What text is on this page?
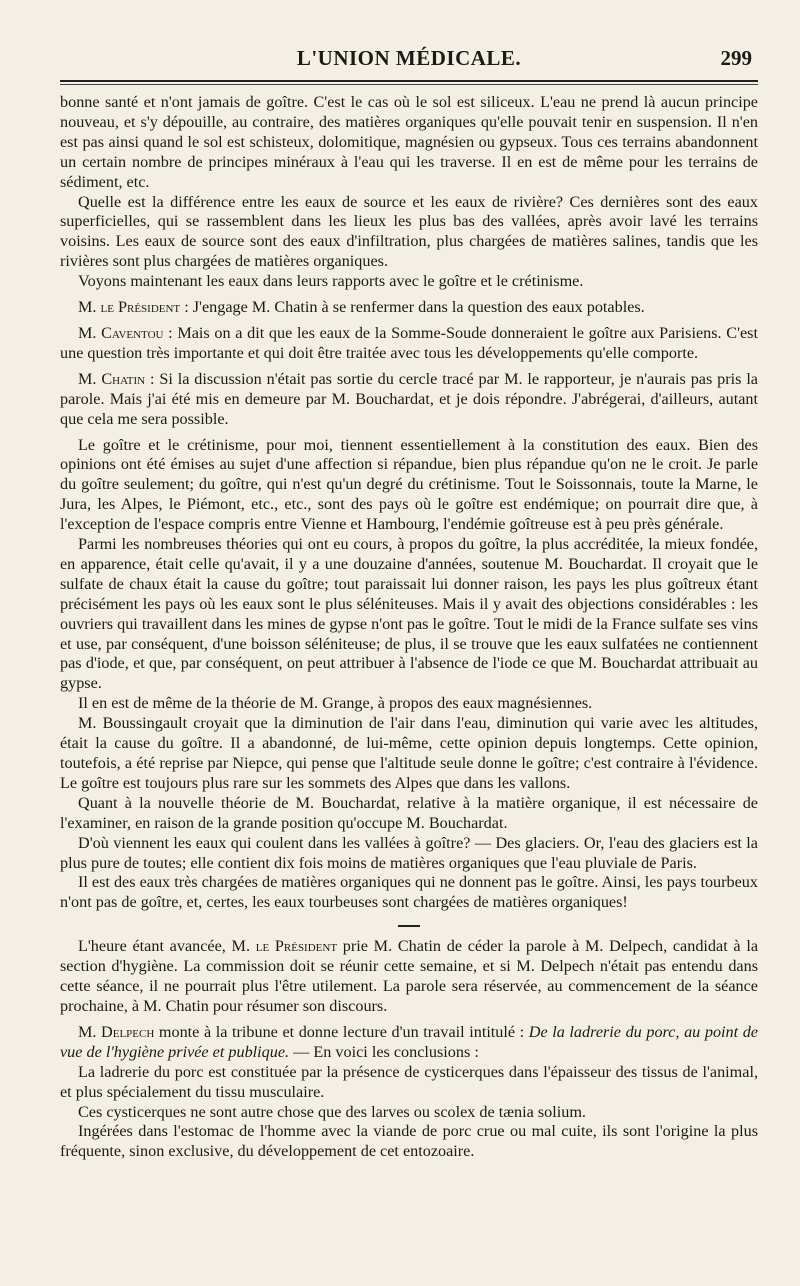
L'UNION MÉDICALE.	299

bonne santé et n'ont jamais de goître. C'est le cas où le sol est siliceux. L'eau ne prend là aucun principe nouveau, et s'y dépouille, au contraire, des matières organiques qu'elle pouvait tenir en suspension. Il n'en est pas ainsi quand le sol est schisteux, dolomitique, magnésien ou gypseux. Tous ces terrains abandonnent un certain nombre de principes minéraux à l'eau qui les traverse. Il en est de même pour les terrains de sédiment, etc.

Quelle est la différence entre les eaux de source et les eaux de rivière? Ces dernières sont des eaux superficielles, qui se rassemblent dans les lieux les plus bas des vallées, après avoir lavé les terrains voisins. Les eaux de source sont des eaux d'infiltration, plus chargées de matières salines, tandis que les rivières sont plus chargées de matières organiques.

Voyons maintenant les eaux dans leurs rapports avec le goître et le crétinisme.

M. le Président : J'engage M. Chatin à se renfermer dans la question des eaux potables.

M. Caventou : Mais on a dit que les eaux de la Somme-Soude donneraient le goître aux Parisiens. C'est une question très importante et qui doit être traitée avec tous les développements qu'elle comporte.

M. Chatin : Si la discussion n'était pas sortie du cercle tracé par M. le rapporteur, je n'aurais pas pris la parole. Mais j'ai été mis en demeure par M. Bouchardat, et je dois répondre. J'abrégerai, d'ailleurs, autant que cela me sera possible.

Le goître et le crétinisme, pour moi, tiennent essentiellement à la constitution des eaux. Bien des opinions ont été émises au sujet d'une affection si répandue, bien plus répandue qu'on ne le croit. Je parle du goître seulement; du goître, qui n'est qu'un degré du crétinisme. Tout le Soissonnais, toute la Marne, le Jura, les Alpes, le Piémont, etc., etc., sont des pays où le goître est endémique; on pourrait dire que, à l'exception de l'espace compris entre Vienne et Hambourg, l'endémie goîtreuse est à peu près générale.

Parmi les nombreuses théories qui ont eu cours, à propos du goître, la plus accréditée, la mieux fondée, en apparence, était celle qu'avait, il y a une douzaine d'années, soutenue M. Bouchardat. Il croyait que le sulfate de chaux était la cause du goître; tout paraissait lui donner raison, les pays les plus goîtreux étant précisément les pays où les eaux sont le plus séléniteuses. Mais il y avait des objections considérables : les ouvriers qui travaillent dans les mines de gypse n'ont pas le goître. Tout le midi de la France sulfate ses vins et use, par conséquent, d'une boisson séléniteuse; de plus, il se trouve que les eaux sulfatées ne contiennent pas d'iode, et que, par conséquent, on peut attribuer à l'absence de l'iode ce que M. Bouchardat attribuait au gypse.

Il en est de même de la théorie de M. Grange, à propos des eaux magnésiennes.

M. Boussingault croyait que la diminution de l'air dans l'eau, diminution qui varie avec les altitudes, était la cause du goître. Il a abandonné, de lui-même, cette opinion depuis longtemps. Cette opinion, toutefois, a été reprise par Niepce, qui pense que l'altitude seule donne le goître; c'est contraire à l'évidence. Le goître est toujours plus rare sur les sommets des Alpes que dans les vallons.

Quant à la nouvelle théorie de M. Bouchardat, relative à la matière organique, il est nécessaire de l'examiner, en raison de la grande position qu'occupe M. Bouchardat.

D'où viennent les eaux qui coulent dans les vallées à goître? — Des glaciers. Or, l'eau des glaciers est la plus pure de toutes; elle contient dix fois moins de matières organiques que l'eau pluviale de Paris.

Il est des eaux très chargées de matières organiques qui ne donnent pas le goître. Ainsi, les pays tourbeux n'ont pas de goître, et, certes, les eaux tourbeuses sont chargées de matières organiques!

L'heure étant avancée, M. le Président prie M. Chatin de céder la parole à M. Delpech, candidat à la section d'hygiène. La commission doit se réunir cette semaine, et si M. Delpech n'était pas entendu dans cette séance, il ne pourrait plus l'être utilement. La parole sera réservée, au commencement de la séance prochaine, à M. Chatin pour résumer son discours.

M. Delpech monte à la tribune et donne lecture d'un travail intitulé : De la ladrerie du porc, au point de vue de l'hygiène privée et publique. — En voici les conclusions :

La ladrerie du porc est constituée par la présence de cysticerques dans l'épaisseur des tissus de l'animal, et plus spécialement du tissu musculaire.

Ces cysticerques ne sont autre chose que des larves ou scolex de tænia solium.

Ingérées dans l'estomac de l'homme avec la viande de porc crue ou mal cuite, ils sont l'origine la plus fréquente, sinon exclusive, du développement de cet entozoaire.
